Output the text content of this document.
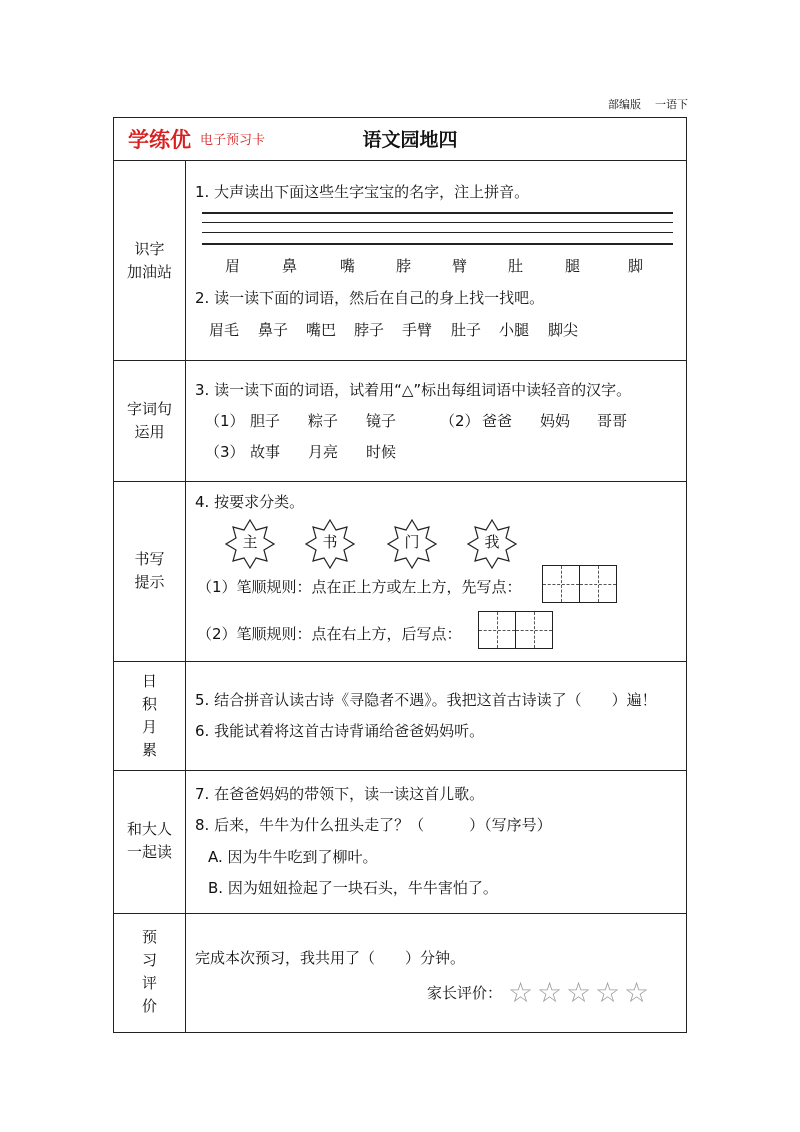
部编版 一语下
学练优 电子预习卡	语文园地四
识字
加油站
1. 大声读出下面这些生字宝宝的名字，注上拼音。
眉	鼻	嘴	脖	臂	肚	腿	脚
2. 读一读下面的词语，然后在自己的身上找一找吧。
眉毛 鼻子 嘴巴 脖子 手臂 肚子 小腿 脚尖
字词句
运用
3. 读一读下面的词语，试着用“△”标出每组词语中读轻音的汉字。
（1） 胆子 粽子 镜子	（2） 爸爸 妈妈 哥哥
（3） 故事 月亮 时候
书写
提示
4. 按要求分类。
主	书	门	我
（1）笔顺规则：点在正上方或左上方，先写点：
（2）笔顺规则：点在右上方，后写点：
日
积
月
累
5. 结合拼音认读古诗《寻隐者不遇》。我把这首古诗读了（　　）遍！
6. 我能试着将这首古诗背诵给爸爸妈妈听。
和大人
一起读
7. 在爸爸妈妈的带领下，读一读这首儿歌。
8. 后来，牛牛为什么扭头走了？（　　　）（写序号）
A. 因为牛牛吃到了柳叶。
B. 因为妞妞捡起了一块石头，牛牛害怕了。
预
习
评
价
完成本次预习，我共用了（　　）分钟。
家长评价： ☆ ☆ ☆ ☆ ☆
